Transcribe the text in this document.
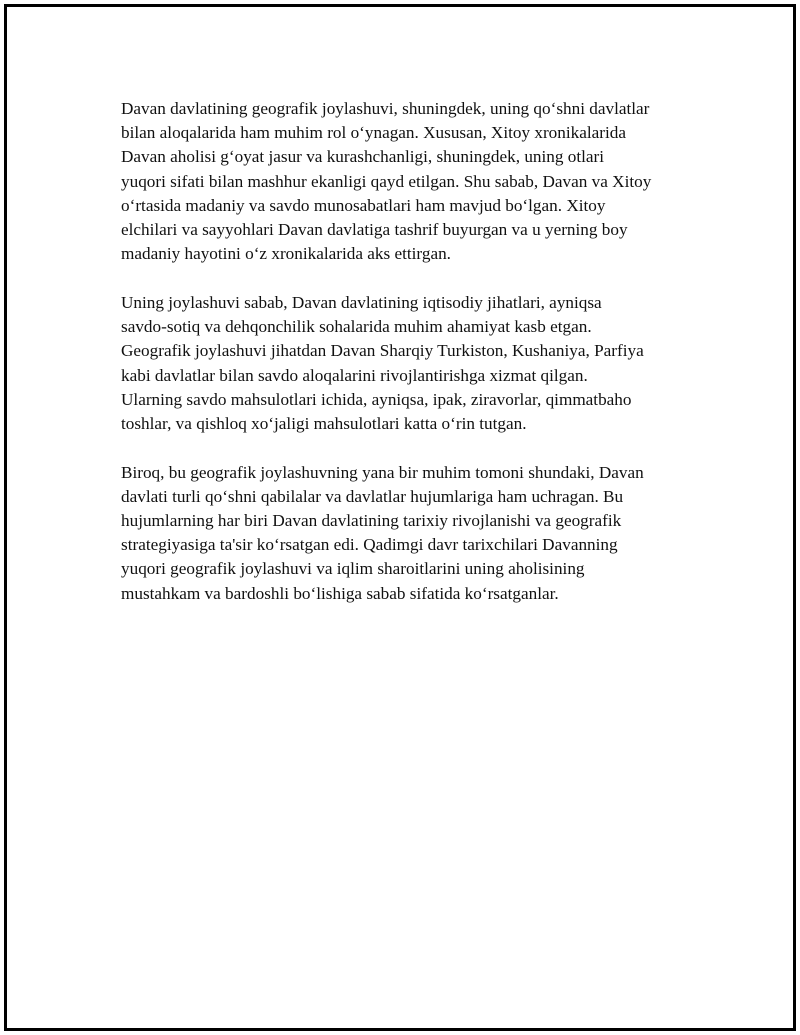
Davan davlatining geografik joylashuvi, shuningdek, uning qo‘shni davlatlar
bilan aloqalarida ham muhim rol o‘ynagan. Xususan, Xitoy xronikalarida
Davan aholisi g‘oyat jasur va kurashchanligi, shuningdek, uning otlari
yuqori sifati bilan mashhur ekanligi qayd etilgan. Shu sabab, Davan va Xitoy
o‘rtasida madaniy va savdo munosabatlari ham mavjud bo‘lgan. Xitoy
elchilari va sayyohlari Davan davlatiga tashrif buyurgan va u yerning boy
madaniy hayotini o‘z xronikalarida aks ettirgan.

Uning joylashuvi sabab, Davan davlatining iqtisodiy jihatlari, ayniqsa
savdo-sotiq va dehqonchilik sohalarida muhim ahamiyat kasb etgan.
Geografik joylashuvi jihatdan Davan Sharqiy Turkiston, Kushaniya, Parfiya
kabi davlatlar bilan savdo aloqalarini rivojlantirishga xizmat qilgan.
Ularning savdo mahsulotlari ichida, ayniqsa, ipak, ziravorlar, qimmatbaho
toshlar, va qishloq xo‘jaligi mahsulotlari katta o‘rin tutgan.

Biroq, bu geografik joylashuvning yana bir muhim tomoni shundaki, Davan
davlati turli qo‘shni qabilalar va davlatlar hujumlariga ham uchragan. Bu
hujumlarning har biri Davan davlatining tarixiy rivojlanishi va geografik
strategiyasiga ta'sir ko‘rsatgan edi. Qadimgi davr tarixchilari Davanning
yuqori geografik joylashuvi va iqlim sharoitlarini uning aholisining
mustahkam va bardoshli bo‘lishiga sabab sifatida ko‘rsatganlar.
